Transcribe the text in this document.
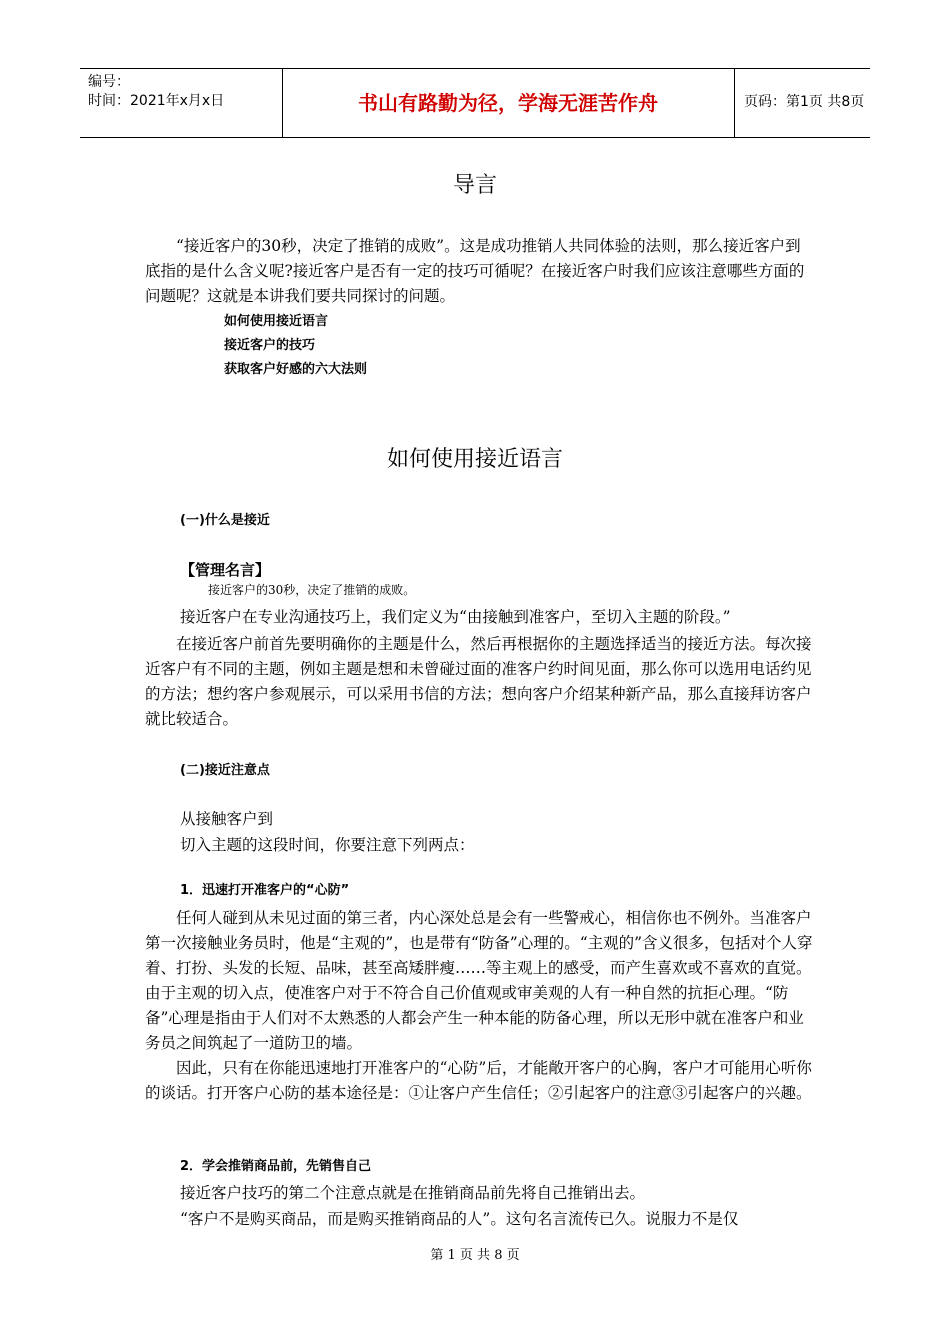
编号：
时间：2021年x月x日	书山有路勤为径，学海无涯苦作舟	页码：第1页 共8页
导言
“接近客户的30秒，决定了推销的成败”。这是成功推销人共同体验的法则，那么接近客户到底指的是什么含义呢?接近客户是否有一定的技巧可循呢？在接近客户时我们应该注意哪些方面的问题呢？这就是本讲我们要共同探讨的问题。
如何使用接近语言
接近客户的技巧
获取客户好感的六大法则
如何使用接近语言
(一)什么是接近
【管理名言】
接近客户的30秒，决定了推销的成败。
接近客户在专业沟通技巧上，我们定义为“由接触到准客户，至切入主题的阶段。”
在接近客户前首先要明确你的主题是什么，然后再根据你的主题选择适当的接近方法。每次接近客户有不同的主题，例如主题是想和未曾碰过面的准客户约时间见面，那么你可以选用电话约见的方法；想约客户参观展示，可以采用书信的方法；想向客户介绍某种新产品，那么直接拜访客户就比较适合。
(二)接近注意点
从接触客户到
切入主题的这段时间，你要注意下列两点：
1．迅速打开准客户的“心防”
任何人碰到从未见过面的第三者，内心深处总是会有一些警戒心，相信你也不例外。当准客户第一次接触业务员时，他是“主观的”，也是带有“防备”心理的。“主观的”含义很多，包括对个人穿着、打扮、头发的长短、品味，甚至高矮胖瘦……等主观上的感受，而产生喜欢或不喜欢的直觉。由于主观的切入点，使准客户对于不符合自己价值观或审美观的人有一种自然的抗拒心理。“防备”心理是指由于人们对不太熟悉的人都会产生一种本能的防备心理，所以无形中就在准客户和业务员之间筑起了一道防卫的墙。
因此，只有在你能迅速地打开准客户的“心防”后，才能敞开客户的心胸，客户才可能用心听你的谈话。打开客户心防的基本途径是：①让客户产生信任；②引起客户的注意③引起客户的兴趣。
2．学会推销商品前，先销售自己
接近客户技巧的第二个注意点就是在推销商品前先将自己推销出去。
“客户不是购买商品，而是购买推销商品的人”。这句名言流传已久。说服力不是仅
第 1 页 共 8 页
